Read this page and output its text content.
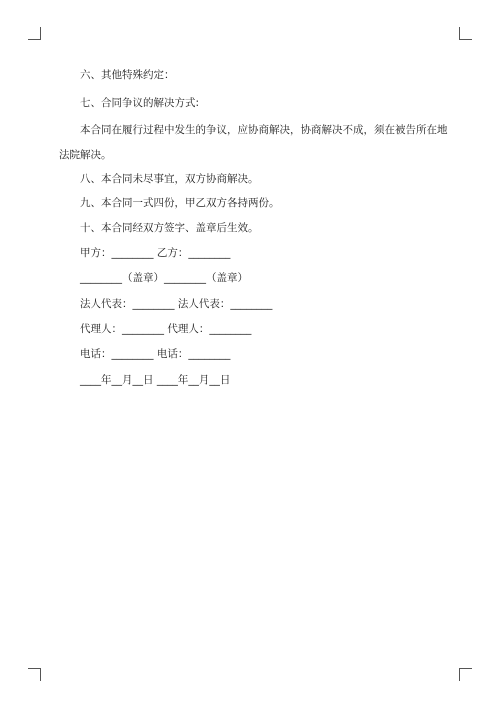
六、其他特殊约定：
七、合同争议的解决方式:
本合同在履行过程中发生的争议，应协商解决，协商解决不成，须在被告所在地
法院解决。
八、本合同未尽事宜，双方协商解决。
九、本合同一式四份，甲乙双方各持两份。
十、本合同经双方签字、盖章后生效。
甲方：________ 乙方：________
________（盖章）________（盖章）
法人代表：________ 法人代表：________
代理人：________ 代理人：________
电话：________ 电话：________
____年__月__日 ____年__月__日
